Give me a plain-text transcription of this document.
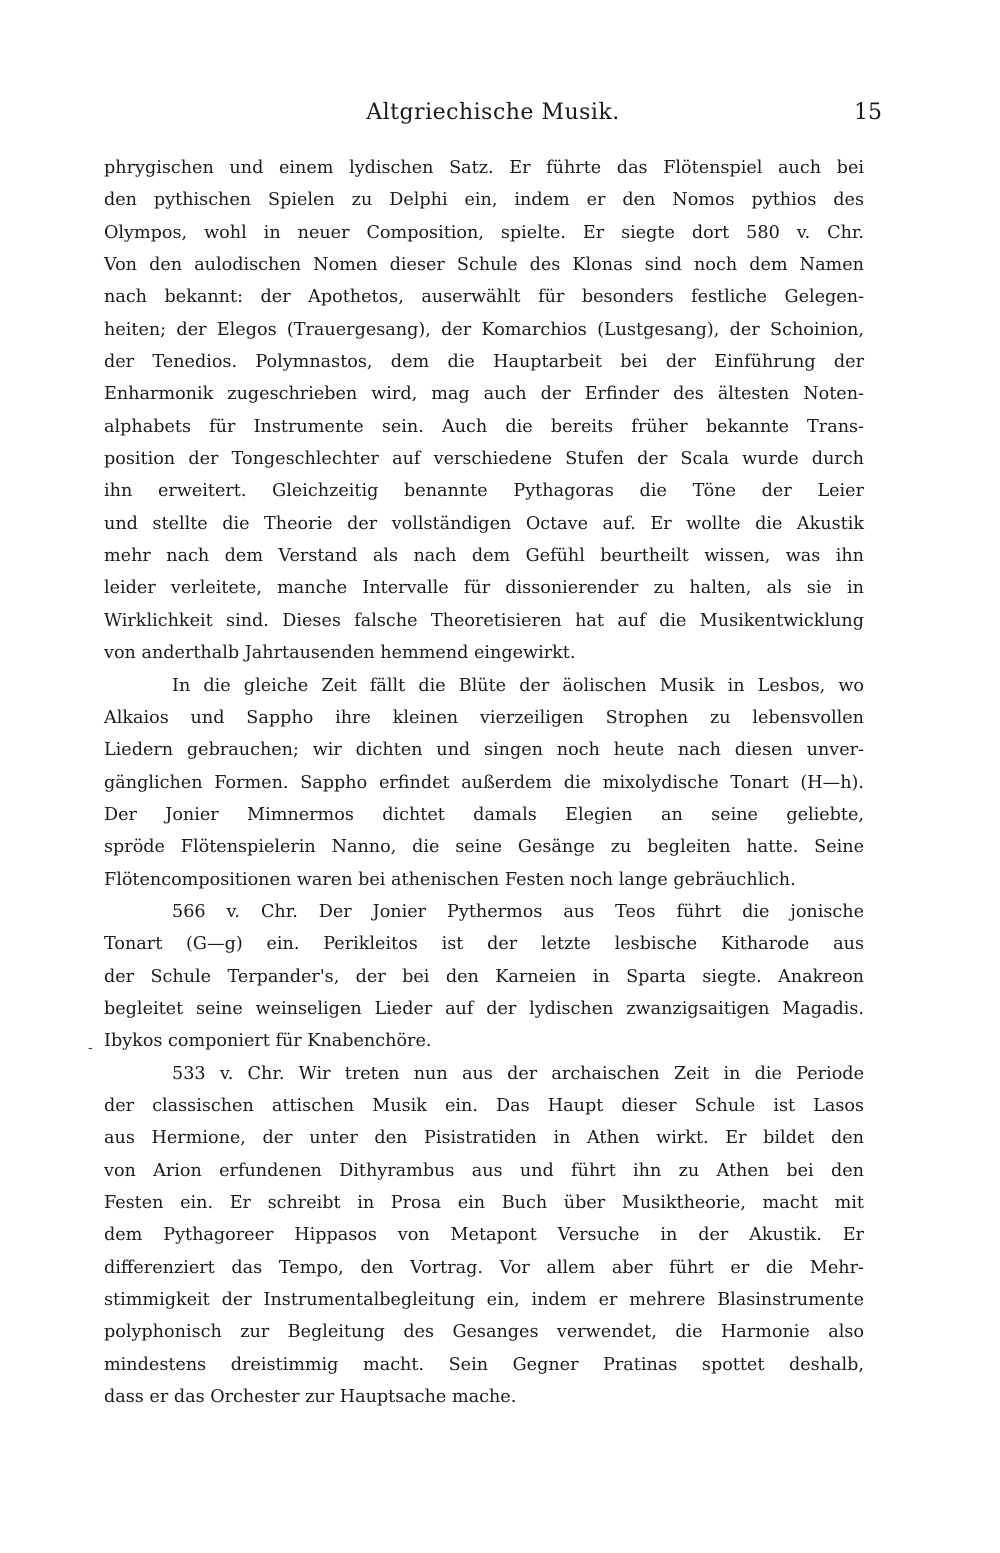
Altgriechische Musik.	15
-
phrygischen und einem lydischen Satz. Er führte das Flötenspiel auch bei
den pythischen Spielen zu Delphi ein, indem er den Nomos pythios des
Olympos, wohl in neuer Composition, spielte. Er siegte dort 580 v. Chr.
Von den aulodischen Nomen dieser Schule des Klonas sind noch dem Namen
nach bekannt: der Apothetos, auserwählt für besonders festliche Gelegen-
heiten; der Elegos (Trauergesang), der Komarchios (Lustgesang), der Schoinion,
der Tenedios. Polymnastos, dem die Hauptarbeit bei der Einführung der
Enharmonik zugeschrieben wird, mag auch der Erfinder des ältesten Noten-
alphabets für Instrumente sein. Auch die bereits früher bekannte Trans-
position der Tongeschlechter auf verschiedene Stufen der Scala wurde durch
ihn erweitert. Gleichzeitig benannte Pythagoras die Töne der Leier
und stellte die Theorie der vollständigen Octave auf. Er wollte die Akustik
mehr nach dem Verstand als nach dem Gefühl beurtheilt wissen, was ihn
leider verleitete, manche Intervalle für dissonierender zu halten, als sie in
Wirklichkeit sind. Dieses falsche Theoretisieren hat auf die Musikentwicklung
von anderthalb Jahrtausenden hemmend eingewirkt.
In die gleiche Zeit fällt die Blüte der äolischen Musik in Lesbos, wo
Alkaios und Sappho ihre kleinen vierzeiligen Strophen zu lebensvollen
Liedern gebrauchen; wir dichten und singen noch heute nach diesen unver-
gänglichen Formen. Sappho erfindet außerdem die mixolydische Tonart (H—h).
Der Jonier Mimnermos dichtet damals Elegien an seine geliebte,
spröde Flötenspielerin Nanno, die seine Gesänge zu begleiten hatte. Seine
Flötencompositionen waren bei athenischen Festen noch lange gebräuchlich.
566 v. Chr. Der Jonier Pythermos aus Teos führt die jonische
Tonart (G—g) ein. Perikleitos ist der letzte lesbische Kitharode aus
der Schule Terpander's, der bei den Karneien in Sparta siegte. Anakreon
begleitet seine weinseligen Lieder auf der lydischen zwanzigsaitigen Magadis.
Ibykos componiert für Knabenchöre.
533 v. Chr. Wir treten nun aus der archaischen Zeit in die Periode
der classischen attischen Musik ein. Das Haupt dieser Schule ist Lasos
aus Hermione, der unter den Pisistratiden in Athen wirkt. Er bildet den
von Arion erfundenen Dithyrambus aus und führt ihn zu Athen bei den
Festen ein. Er schreibt in Prosa ein Buch über Musiktheorie, macht mit
dem Pythagoreer Hippasos von Metapont Versuche in der Akustik. Er
differenziert das Tempo, den Vortrag. Vor allem aber führt er die Mehr-
stimmigkeit der Instrumentalbegleitung ein, indem er mehrere Blasinstrumente
polyphonisch zur Begleitung des Gesanges verwendet, die Harmonie also
mindestens dreistimmig macht. Sein Gegner Pratinas spottet deshalb,
dass er das Orchester zur Hauptsache mache.
